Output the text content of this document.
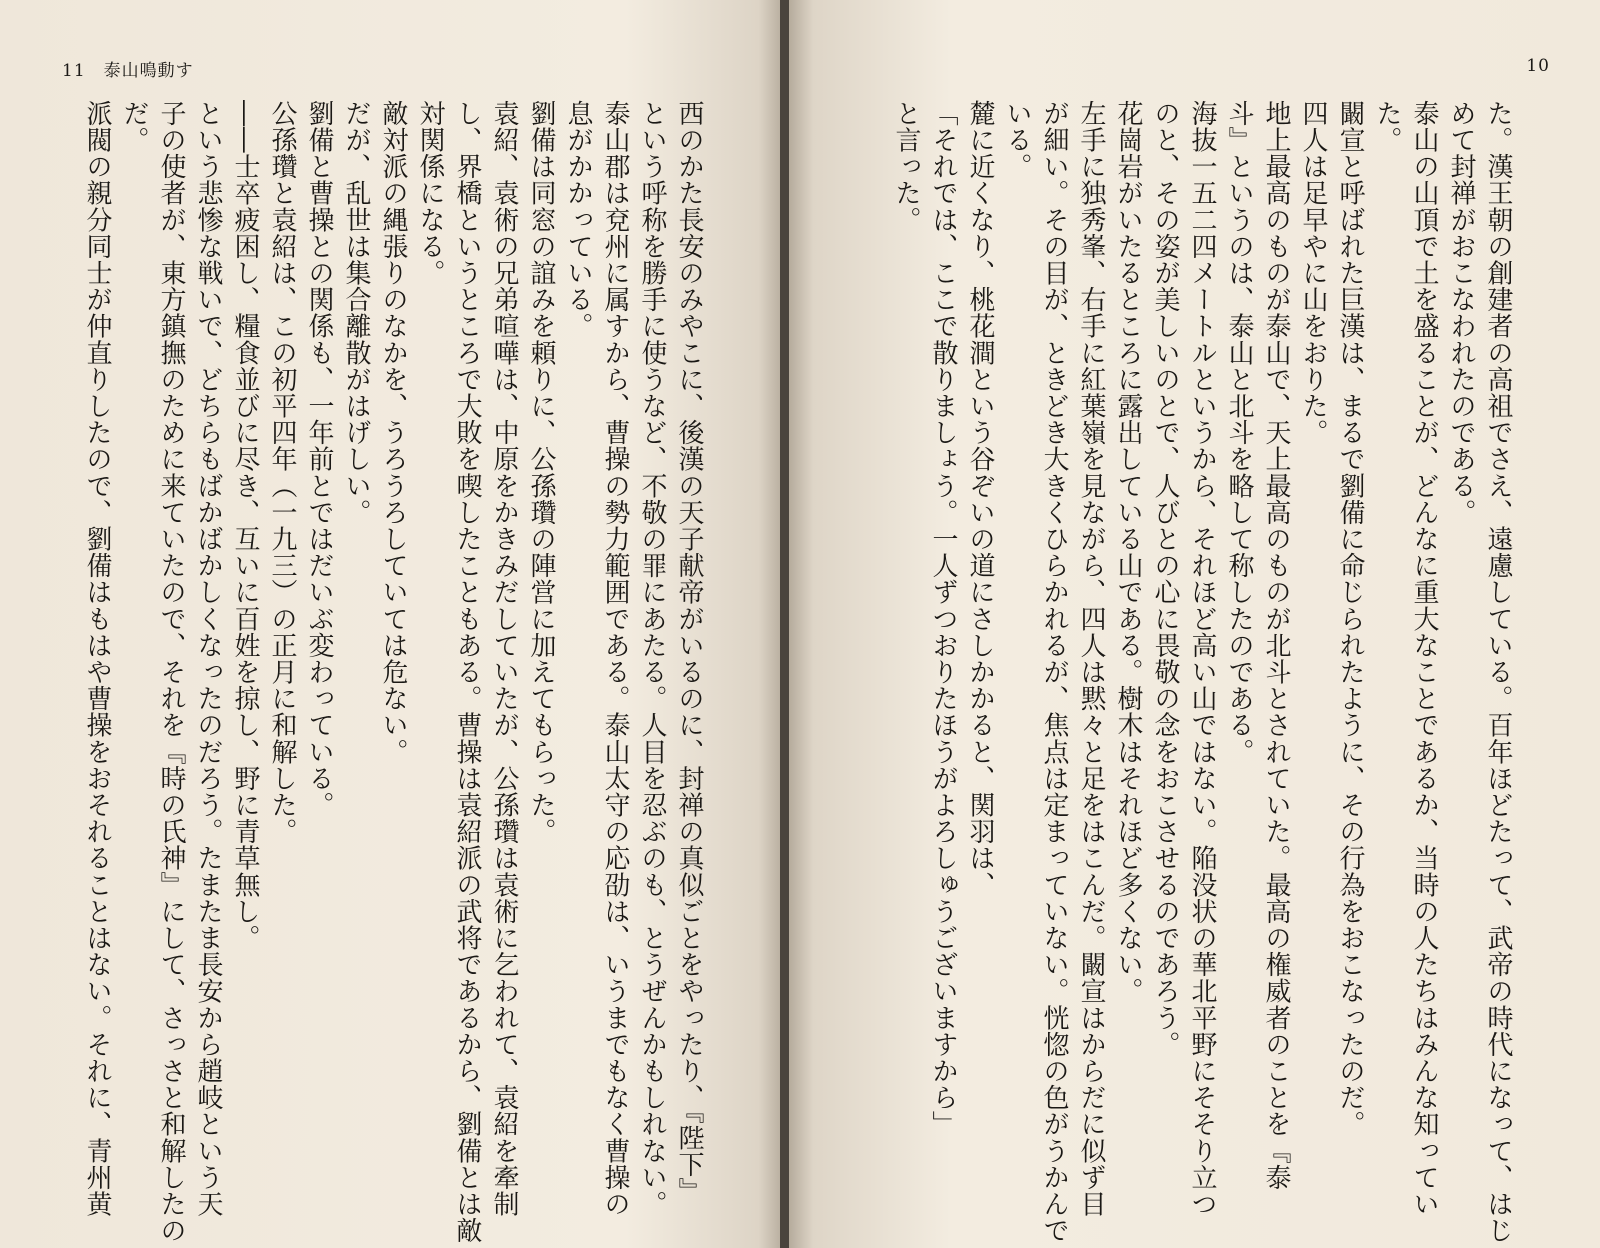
11 泰山鳴動す
西のかた長安のみやこに、後漢の天子献帝がいるのに、封禅の真似ごとをやったり、『陛下』
という呼称を勝手に使うなど、不敬の罪にあたる。人目を忍ぶのも、とうぜんかもしれない。
泰山郡は兗州に属すから、曹操の勢力範囲である。泰山太守の応劭は、いうまでもなく曹操の
息がかかっている。
劉備は同窓の誼みを頼りに、公孫瓚の陣営に加えてもらった。
袁紹、袁術の兄弟喧嘩は、中原をかきみだしていたが、公孫瓚は袁術に乞われて、袁紹を牽制
し、界橋というところで大敗を喫したこともある。曹操は袁紹派の武将であるから、劉備とは敵
対関係になる。
敵対派の縄張りのなかを、うろうろしていては危ない。
だが、乱世は集合離散がはげしい。
劉備と曹操との関係も、一年前とではだいぶ変わっている。
公孫瓚と袁紹は、この初平四年（一九三）の正月に和解した。
――士卒疲困し、糧食並びに尽き、互いに百姓を掠し、野に青草無し。
という悲惨な戦いで、どちらもばかばかしくなったのだろう。たまたま長安から趙岐という天
子の使者が、東方鎮撫のために来ていたので、それを『時の氏神』にして、さっさと和解したの
だ。
派閥の親分同士が仲直りしたので、劉備はもはや曹操をおそれることはない。それに、青州黄
10
た。漢王朝の創建者の高祖でさえ、遠慮している。百年ほどたって、武帝の時代になって、はじ
めて封禅がおこなわれたのである。
泰山の山頂で土を盛ることが、どんなに重大なことであるか、当時の人たちはみんな知ってい
た。
闞宣と呼ばれた巨漢は、まるで劉備に命じられたように、その行為をおこなったのだ。
四人は足早やに山をおりた。
地上最高のものが泰山で、天上最高のものが北斗とされていた。最高の権威者のことを『泰
斗』というのは、泰山と北斗を略して称したのである。
海抜一五二四メートルというから、それほど高い山ではない。陥没状の華北平野にそそり立つ
のと、その姿が美しいのとで、人びとの心に畏敬の念をおこさせるのであろう。
花崗岩がいたるところに露出している山である。樹木はそれほど多くない。
左手に独秀峯、右手に紅葉嶺を見ながら、四人は黙々と足をはこんだ。闞宣はからだに似ず目
が細い。その目が、ときどき大きくひらかれるが、焦点は定まっていない。恍惚の色がうかんで
いる。
麓に近くなり、桃花澗という谷ぞいの道にさしかかると、関羽は、
「それでは、ここで散りましょう。一人ずつおりたほうがよろしゅうございますから」
と言った。
